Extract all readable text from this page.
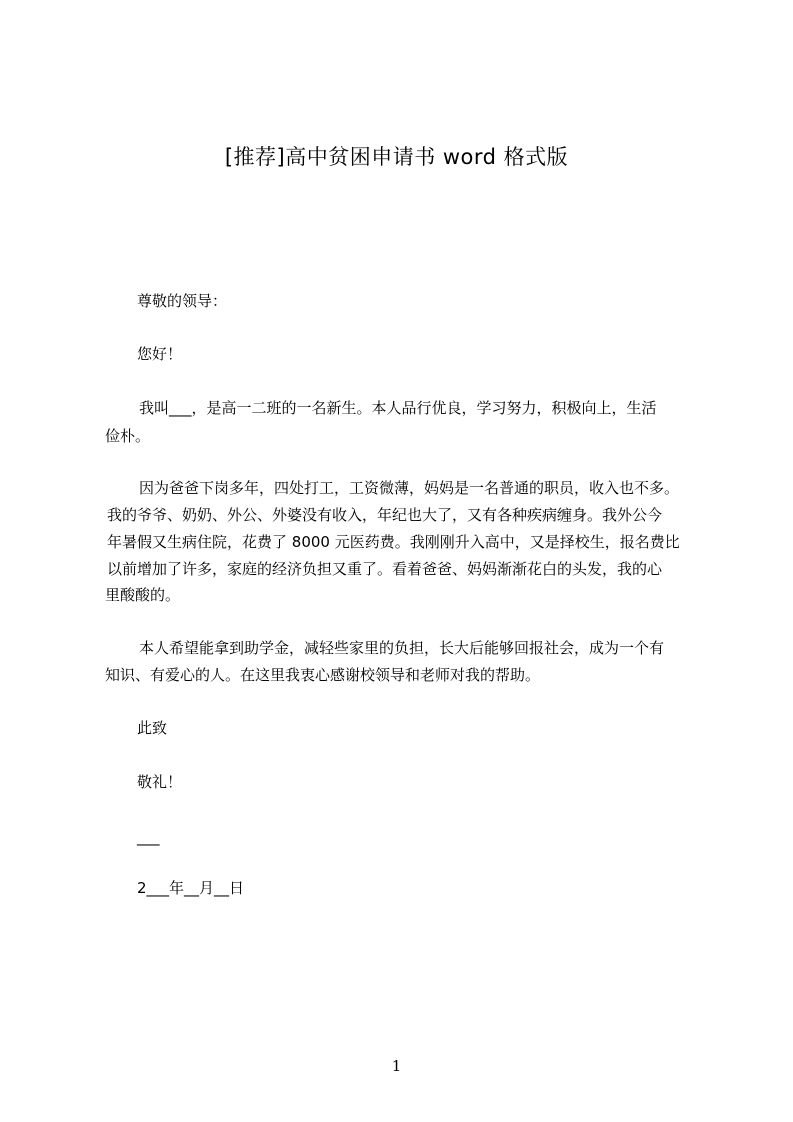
[推荐]高中贫困申请书 word 格式版

尊敬的领导：

您好！

我叫___，是高一二班的一名新生。本人品行优良，学习努力，积极向上，生活

俭朴。

因为爸爸下岗多年，四处打工，工资微薄，妈妈是一名普通的职员，收入也不多。

我的爷爷、奶奶、外公、外婆没有收入，年纪也大了，又有各种疾病缠身。我外公今

年暑假又生病住院，花费了 8000 元医药费。我刚刚升入高中，又是择校生，报名费比

以前增加了许多，家庭的经济负担又重了。看着爸爸、妈妈渐渐花白的头发，我的心

里酸酸的。

本人希望能拿到助学金，减轻些家里的负担，长大后能够回报社会，成为一个有

知识、有爱心的人。在这里我衷心感谢校领导和老师对我的帮助。

此致

敬礼！

___

2___年__月__日

1
